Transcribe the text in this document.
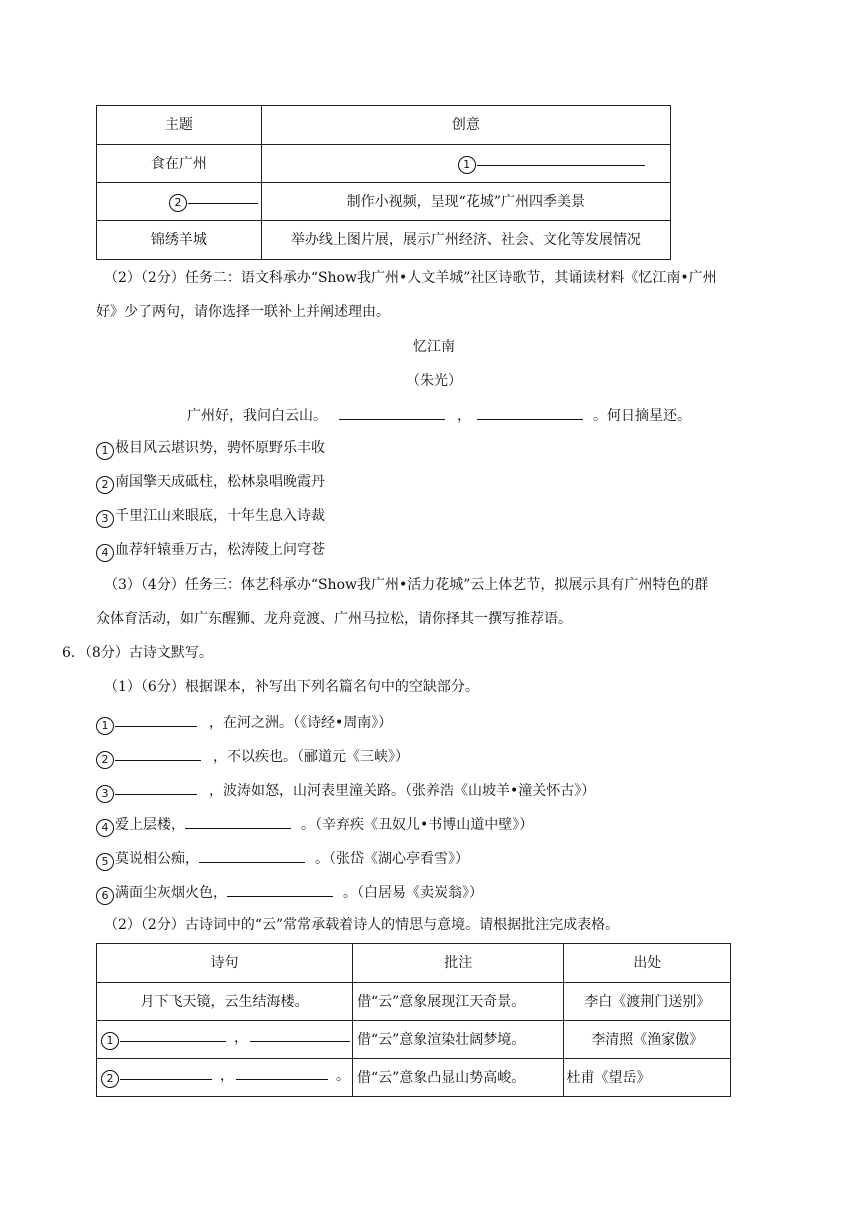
主题	创意
食在广州	1
2	制作小视频，呈现“花城”广州四季美景
锦绣羊城	举办线上图片展，展示广州经济、社会、文化等发展情况
（2）（2分）任务二：语文科承办“Show我广州•人文羊城”社区诗歌节，其诵读材料《忆江南•广州
好》少了两句，请你选择一联补上并阐述理由。
忆江南
（朱光）
广州好，我问白云山。	，	。何日摘星还。
1 极目风云堪识势，骋怀原野乐丰收
2 南国擎天成砥柱，松林泉唱晚霞丹
3 千里江山来眼底，十年生息入诗裁
4 血荐轩辕垂万古，松涛陵上问穹苍
（3）（4分）任务三：体艺科承办“Show我广州•活力花城”云上体艺节，拟展示具有广州特色的群
众体育活动，如广东醒狮、龙舟竞渡、广州马拉松，请你择其一撰写推荐语。
6．（8分）古诗文默写。
（1）（6分）根据课本，补写出下列名篇名句中的空缺部分。
1	，在河之洲。（《诗经•周南》）
2	，不以疾也。（郦道元《三峡》）
3	，波涛如怒，山河表里潼关路。（张养浩《山坡羊•潼关怀古》）
4 爱上层楼，	。（辛弃疾《丑奴儿•书博山道中壁》）
5 莫说相公痴，	。（张岱《湖心亭看雪》）
6 满面尘灰烟火色，	。（白居易《卖炭翁》）
（2）（2分）古诗词中的“云”常常承载着诗人的情思与意境。请根据批注完成表格。
诗句	批注	出处
月下飞天镜，云生结海楼。	借“云”意象展现江天奇景。	李白《渡荆门送别》
1 ，	借“云”意象渲染壮阔梦境。	李清照《渔家傲》
2 ， 。	借“云”意象凸显山势高峻。	杜甫《望岳》
